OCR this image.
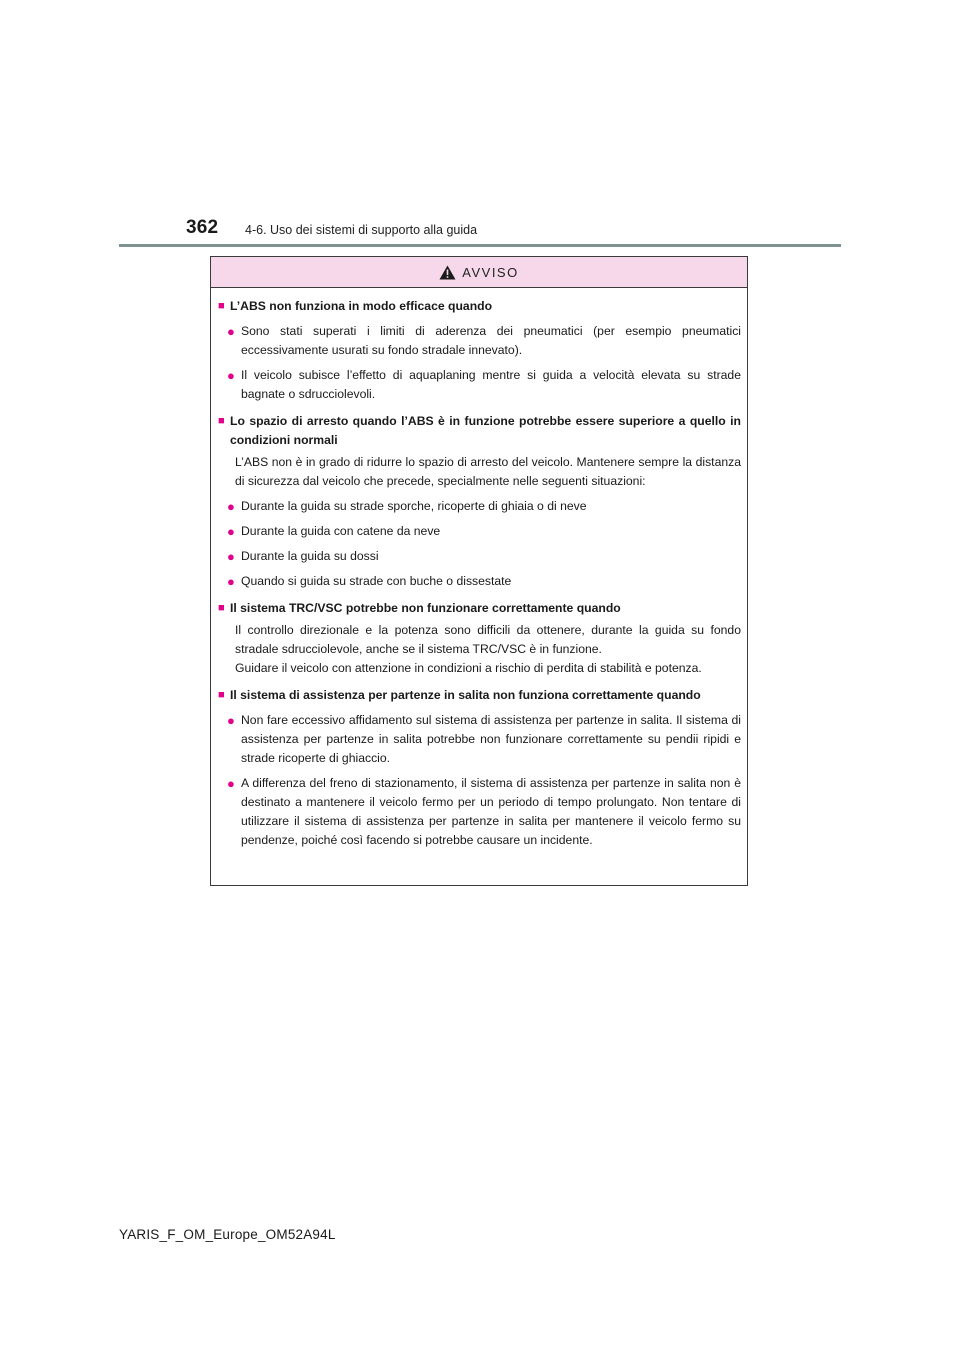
362 4-6. Uso dei sistemi di supporto alla guida
AVVISO
■ L’ABS non funziona in modo efficace quando
● Sono stati superati i limiti di aderenza dei pneumatici (per esempio pneumatici eccessivamente usurati su fondo stradale innevato).
● Il veicolo subisce l’effetto di aquaplaning mentre si guida a velocità elevata su strade bagnate o sdrucciolevoli.
■ Lo spazio di arresto quando l’ABS è in funzione potrebbe essere superiore a quello in condizioni normali
L’ABS non è in grado di ridurre lo spazio di arresto del veicolo. Mantenere sempre la distanza di sicurezza dal veicolo che precede, specialmente nelle seguenti situazioni:
● Durante la guida su strade sporche, ricoperte di ghiaia o di neve
● Durante la guida con catene da neve
● Durante la guida su dossi
● Quando si guida su strade con buche o dissestate
■ Il sistema TRC/VSC potrebbe non funzionare correttamente quando
Il controllo direzionale e la potenza sono difficili da ottenere, durante la guida su fondo stradale sdrucciolevole, anche se il sistema TRC/VSC è in funzione.
Guidare il veicolo con attenzione in condizioni a rischio di perdita di stabilità e potenza.
■ Il sistema di assistenza per partenze in salita non funziona correttamente quando
● Non fare eccessivo affidamento sul sistema di assistenza per partenze in salita. Il sistema di assistenza per partenze in salita potrebbe non funzionare correttamente su pendii ripidi e strade ricoperte di ghiaccio.
● A differenza del freno di stazionamento, il sistema di assistenza per partenze in salita non è destinato a mantenere il veicolo fermo per un periodo di tempo prolungato. Non tentare di utilizzare il sistema di assistenza per partenze in salita per mantenere il veicolo fermo su pendenze, poiché così facendo si potrebbe causare un incidente.
YARIS_F_OM_Europe_OM52A94L
